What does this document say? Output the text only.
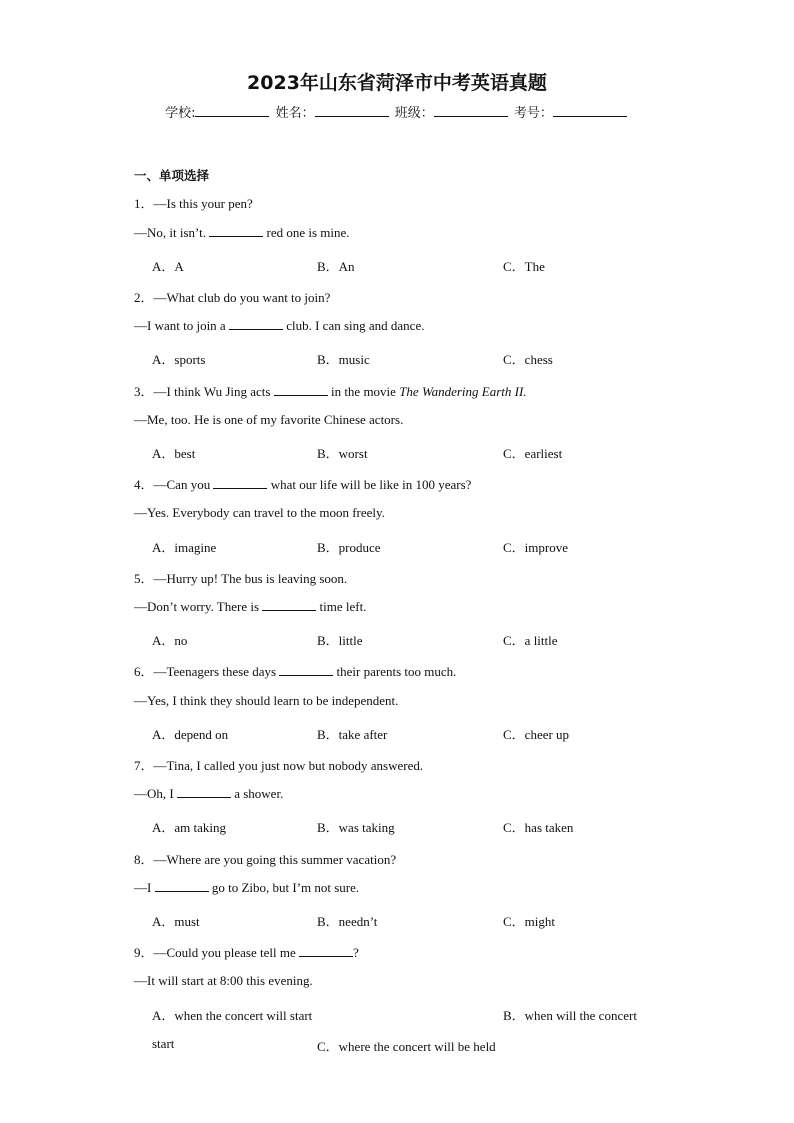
2023年山东省菏泽市中考英语真题
学校:	姓名：	班级：	考号：
一、单项选择
1．—Is this your pen?
—No, it isn’t.	red one is mine.
A．A	B．An	C．The
2．—What club do you want to join?
—I want to join a	club. I can sing and dance.
A．sports	B．music	C．chess
3．—I think Wu Jing acts	in the movie The Wandering Earth II.
—Me, too. He is one of my favorite Chinese actors.
A．best	B．worst	C．earliest
4．—Can you	what our life will be like in 100 years?
—Yes. Everybody can travel to the moon freely.
A．imagine	B．produce	C．improve
5．—Hurry up! The bus is leaving soon.
—Don’t worry. There is	time left.
A．no	B．little	C．a little
6．—Teenagers these days	their parents too much.
—Yes, I think they should learn to be independent.
A．depend on	B．take after	C．cheer up
7．—Tina, I called you just now but nobody answered.
—Oh, I	a shower.
A．am taking	B．was taking	C．has taken
8．—Where are you going this summer vacation?
—I	go to Zibo, but I’m not sure.
A．must	B．needn’t	C．might
9．—Could you please tell me	?
—It will start at 8:00 this evening.
A．when the concert will start	B．when will the concert
start	C．where the concert will be held
